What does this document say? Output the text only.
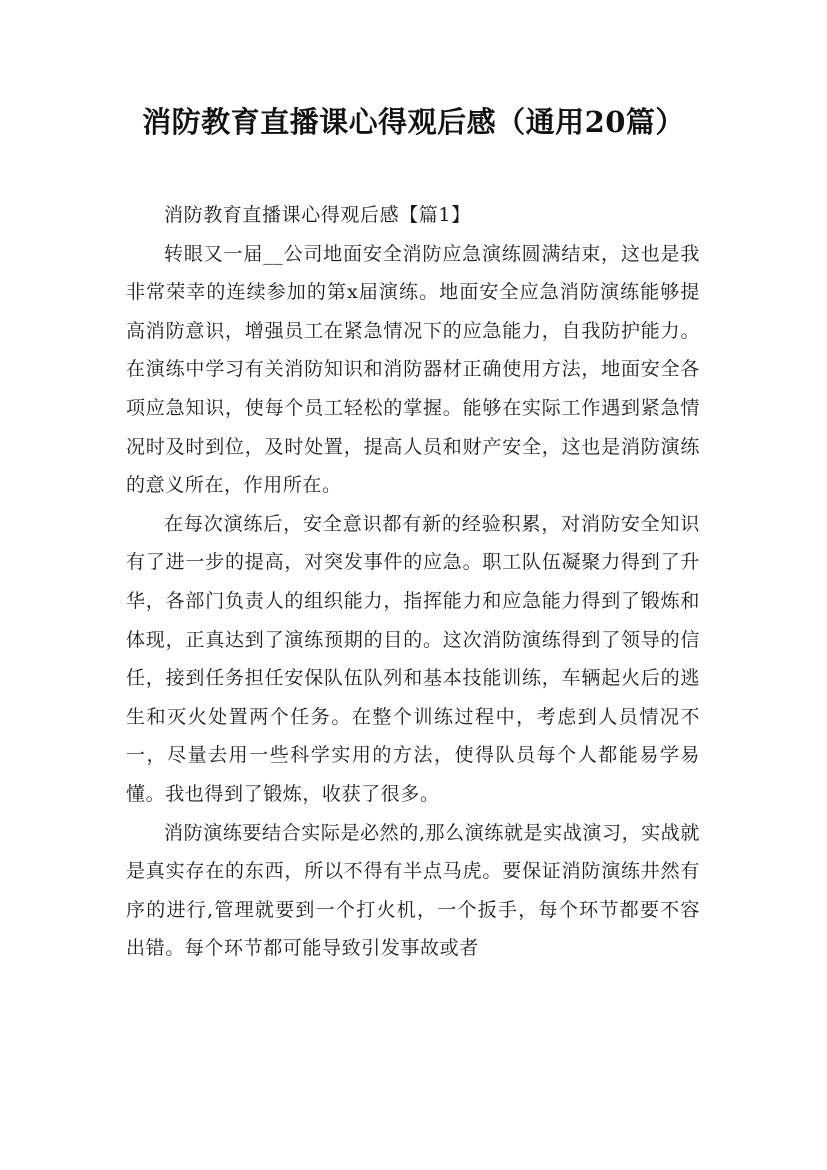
消防教育直播课心得观后感（通用20篇）

消防教育直播课心得观后感【篇1】

转眼又一届__公司地面安全消防应急演练圆满结束，这也是我非常荣幸的连续参加的第x届演练。地面安全应急消防演练能够提高消防意识，增强员工在紧急情况下的应急能力，自我防护能力。在演练中学习有关消防知识和消防器材正确使用方法，地面安全各项应急知识，使每个员工轻松的掌握。能够在实际工作遇到紧急情况时及时到位，及时处置，提高人员和财产安全，这也是消防演练的意义所在，作用所在。

在每次演练后，安全意识都有新的经验积累，对消防安全知识有了进一步的提高，对突发事件的应急。职工队伍凝聚力得到了升华，各部门负责人的组织能力，指挥能力和应急能力得到了锻炼和体现，正真达到了演练预期的目的。这次消防演练得到了领导的信任，接到任务担任安保队伍队列和基本技能训练，车辆起火后的逃生和灭火处置两个任务。在整个训练过程中，考虑到人员情况不一，尽量去用一些科学实用的方法，使得队员每个人都能易学易懂。我也得到了锻炼，收获了很多。

消防演练要结合实际是必然的,那么演练就是实战演习，实战就是真实存在的东西，所以不得有半点马虎。要保证消防演练井然有序的进行,管理就要到一个打火机，一个扳手，每个环节都要不容出错。每个环节都可能导致引发事故或者
